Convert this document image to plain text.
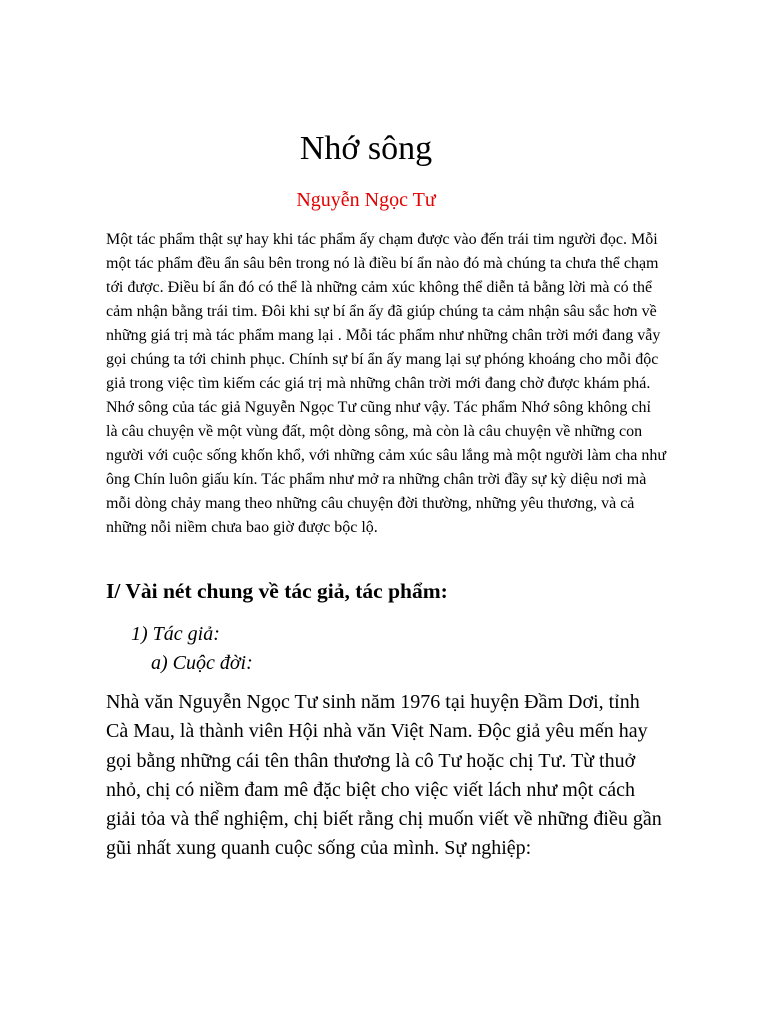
Nhớ sông

Nguyễn Ngọc Tư

Một tác phẩm thật sự hay khi tác phẩm ấy chạm được vào đến trái tim người đọc. Mỗi một tác phẩm đều ẩn sâu bên trong nó là điều bí ẩn nào đó mà chúng ta chưa thể chạm tới được. Điều bí ẩn đó có thể là những cảm xúc không thể diễn tả bằng lời mà có thể cảm nhận bằng trái tim. Đôi khi sự bí ẩn ấy đã giúp chúng ta cảm nhận sâu sắc hơn về những giá trị mà tác phẩm mang lại . Mỗi tác phẩm như những chân trời mới đang vẫy gọi chúng ta tới chinh phục. Chính sự bí ẩn ấy mang lại sự phóng khoáng cho mỗi độc giả trong việc tìm kiếm các giá trị mà những chân trời mới đang chờ được khám phá. Nhớ sông của tác giả Nguyễn Ngọc Tư cũng như vậy. Tác phẩm Nhớ sông không chỉ là câu chuyện về một vùng đất, một dòng sông, mà còn là câu chuyện về những con người với cuộc sống khốn khổ, với những cảm xúc sâu lắng mà một người làm cha như ông Chín luôn giấu kín. Tác phẩm như mở ra những chân trời đầy sự kỳ diệu nơi mà mỗi dòng chảy mang theo những câu chuyện đời thường, những yêu thương, và cả những nỗi niềm chưa bao giờ được bộc lộ.

I/ Vài nét chung về tác giả, tác phẩm:

1) Tác giả:

a) Cuộc đời:

Nhà văn Nguyễn Ngọc Tư sinh năm 1976 tại huyện Đầm Dơi, tỉnh Cà Mau, là thành viên Hội nhà văn Việt Nam. Độc giả yêu mến hay gọi bằng những cái tên thân thương là cô Tư hoặc chị Tư. Từ thuở nhỏ, chị có niềm đam mê đặc biệt cho việc viết lách như một cách giải tỏa và thể nghiệm, chị biết rằng chị muốn viết về những điều gần gũi nhất xung quanh cuộc sống của mình. Sự nghiệp:
